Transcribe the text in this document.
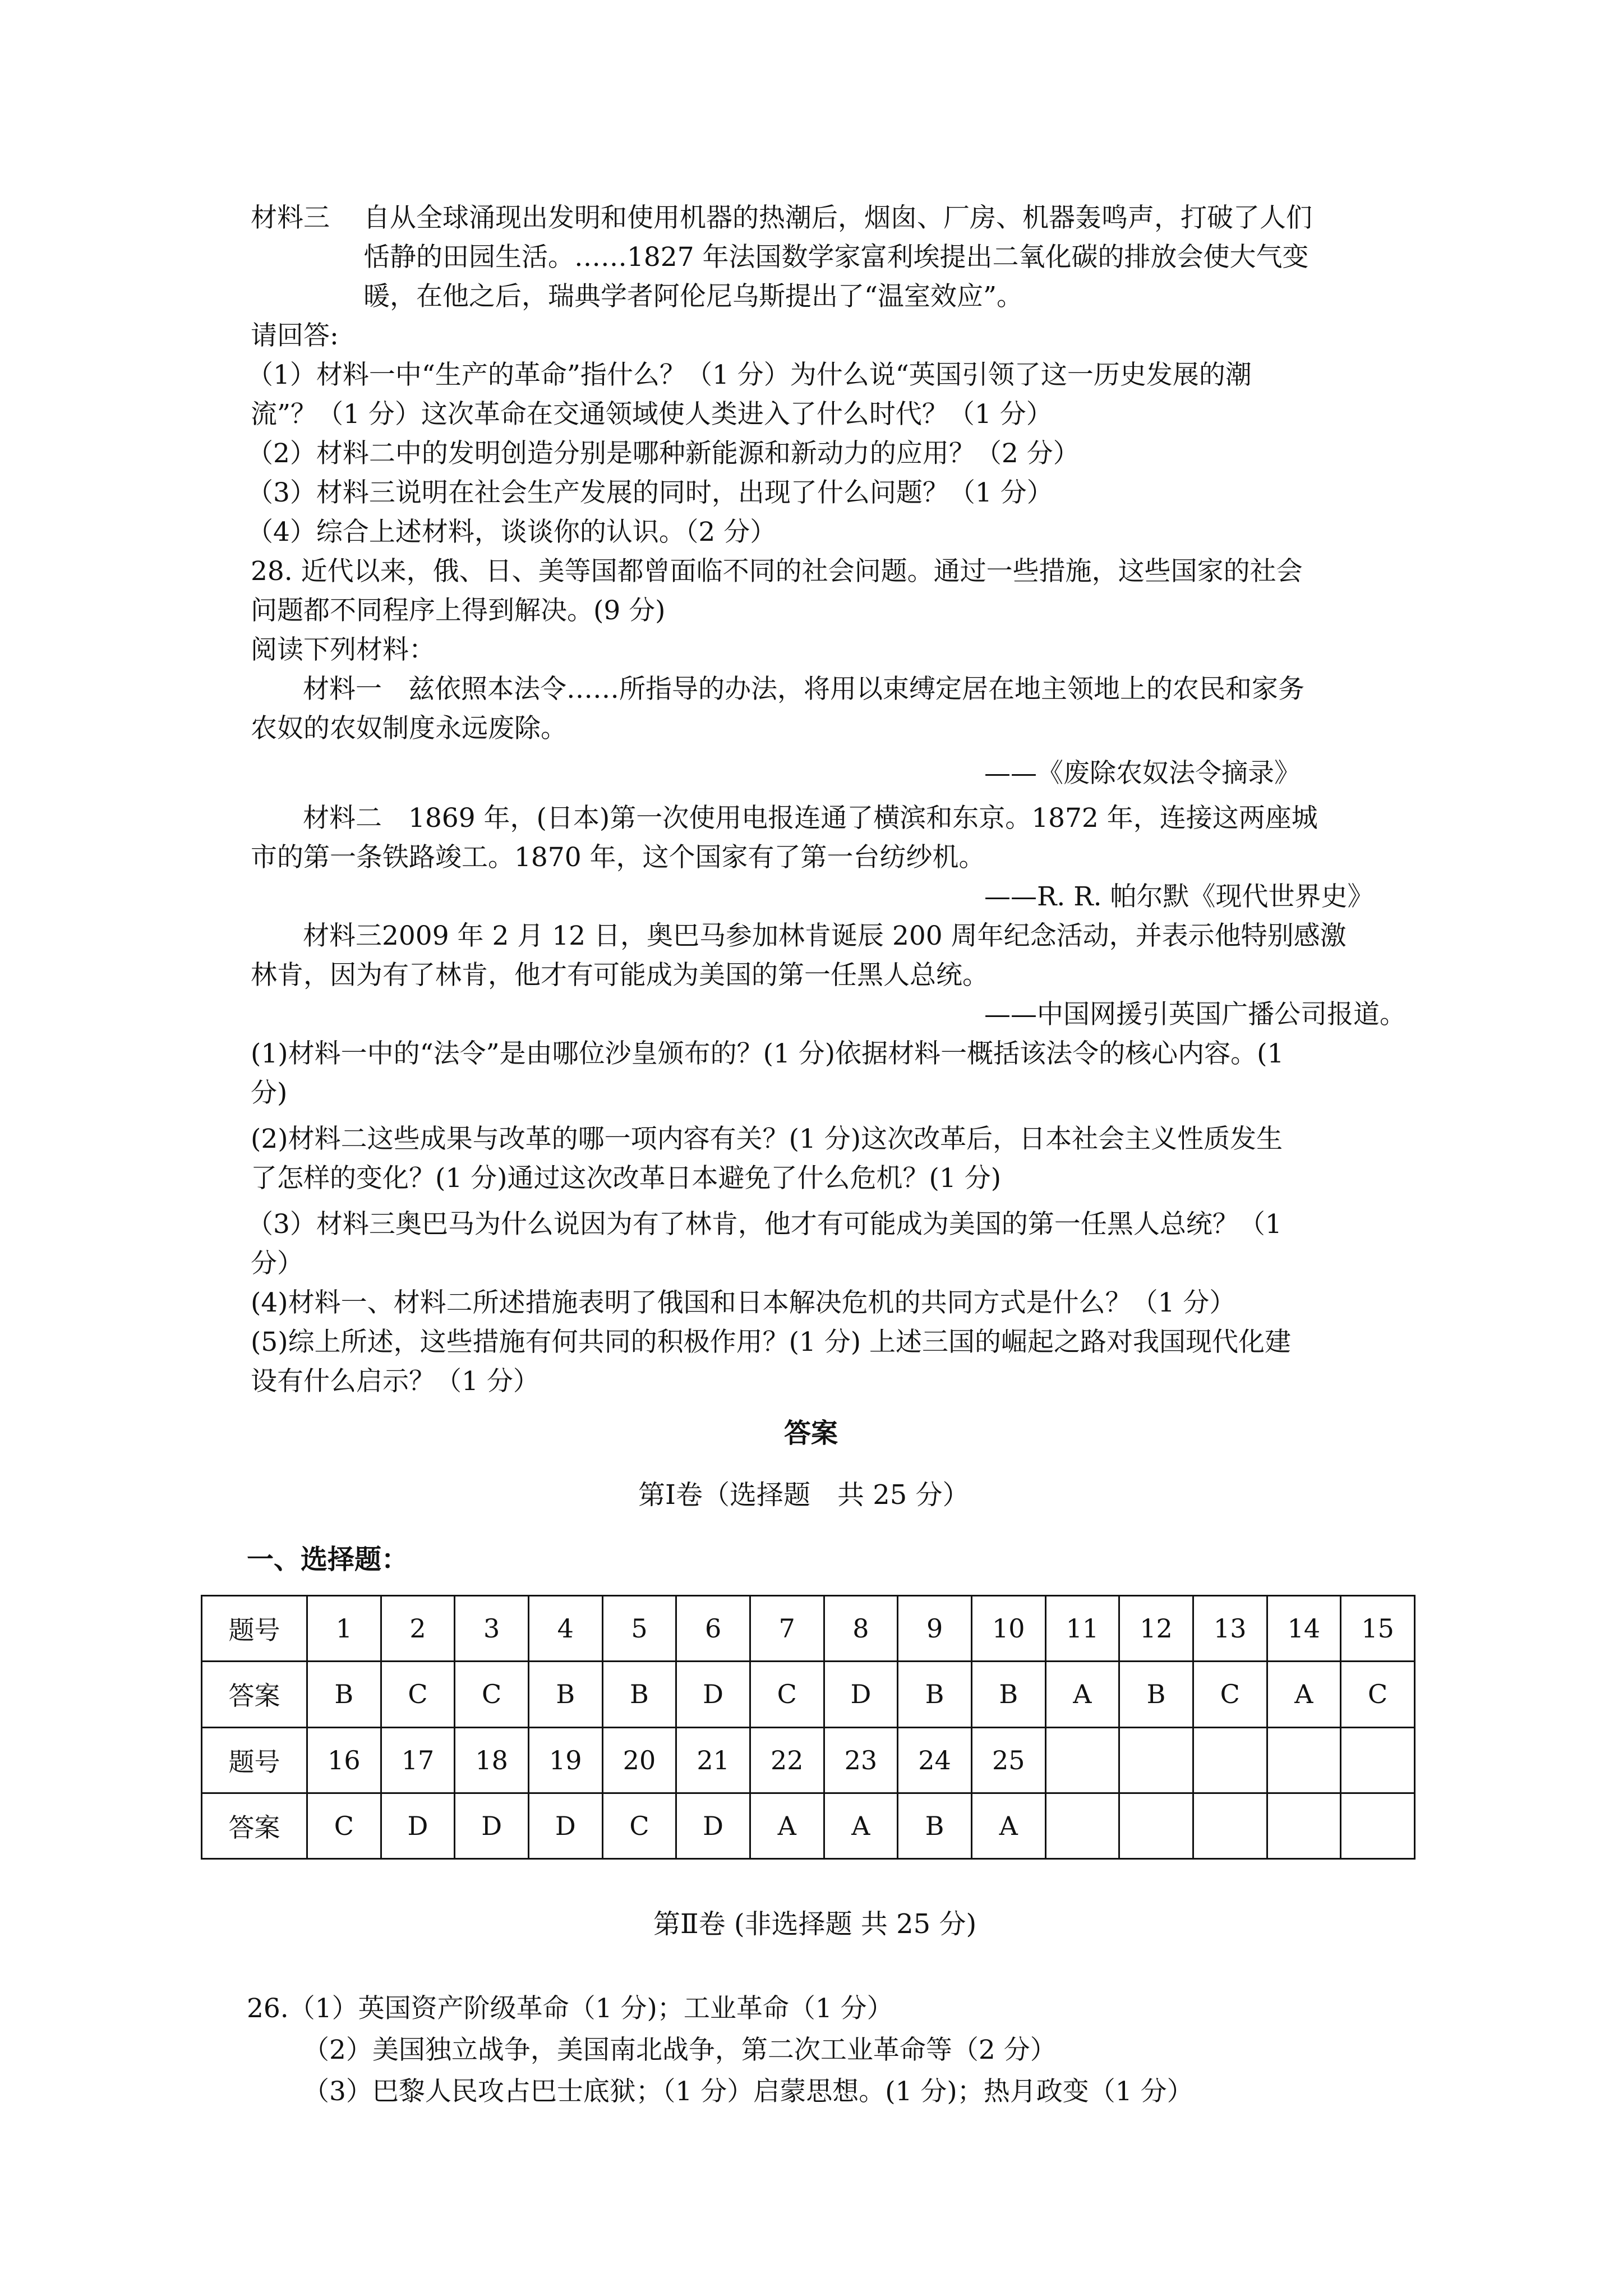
材料三 自从全球涌现出发明和使用机器的热潮后，烟囱、厂房、机器轰鸣声，打破了人们
恬静的田园生活。……1827 年法国数学家富利埃提出二氧化碳的排放会使大气变
暖，在他之后，瑞典学者阿伦尼乌斯提出了“温室效应”。
请回答:
（1）材料一中“生产的革命”指什么？（1 分）为什么说“英国引领了这一历史发展的潮
流”？（1 分）这次革命在交通领域使人类进入了什么时代？（1 分）
（2）材料二中的发明创造分别是哪种新能源和新动力的应用？（2 分）
（3）材料三说明在社会生产发展的同时，出现了什么问题？（1 分）
（4）综合上述材料，谈谈你的认识。（2 分）
28. 近代以来，俄、日、美等国都曾面临不同的社会问题。通过一些措施，这些国家的社会
问题都不同程序上得到解决。(9 分)
阅读下列材料：
材料一　兹依照本法令……所指导的办法，将用以束缚定居在地主领地上的农民和家务
农奴的农奴制度永远废除。
——《废除农奴法令摘录》
材料二　1869 年，(日本)第一次使用电报连通了横滨和东京。1872 年，连接这两座城
市的第一条铁路竣工。1870 年，这个国家有了第一台纺纱机。
——R. R. 帕尔默《现代世界史》
材料三2009 年 2 月 12 日，奥巴马参加林肯诞辰 200 周年纪念活动，并表示他特别感激
林肯，因为有了林肯，他才有可能成为美国的第一任黑人总统。
——中国网援引英国广播公司报道。
(1)材料一中的“法令”是由哪位沙皇颁布的？(1 分)依据材料一概括该法令的核心内容。(1
分)
(2)材料二这些成果与改革的哪一项内容有关？(1 分)这次改革后，日本社会主义性质发生
了怎样的变化？(1 分)通过这次改革日本避免了什么危机？(1 分)
（3）材料三奥巴马为什么说因为有了林肯，他才有可能成为美国的第一任黑人总统？（1
分）
(4)材料一、材料二所述措施表明了俄国和日本解决危机的共同方式是什么？（1 分）
(5)综上所述，这些措施有何共同的积极作用？(1 分) 上述三国的崛起之路对我国现代化建
设有什么启示？（1 分）
答案
第Ⅰ卷（选择题　共 25 分）
一、选择题：
题号	1	2	3	4	5	6	7	8	9	10	11	12	13	14	15
答案	B	C	C	B	B	D	C	D	B	B	A	B	C	A	C
题号	16	17	18	19	20	21	22	23	24	25					
答案	C	D	D	D	C	D	A	A	B	A					
第Ⅱ卷 (非选择题 共 25 分)
26.（1）英国资产阶级革命（1 分)；工业革命（1 分）
（2）美国独立战争，美国南北战争，第二次工业革命等（2 分）
（3）巴黎人民攻占巴士底狱；（1 分）启蒙思想。(1 分)；热月政变（1 分）
